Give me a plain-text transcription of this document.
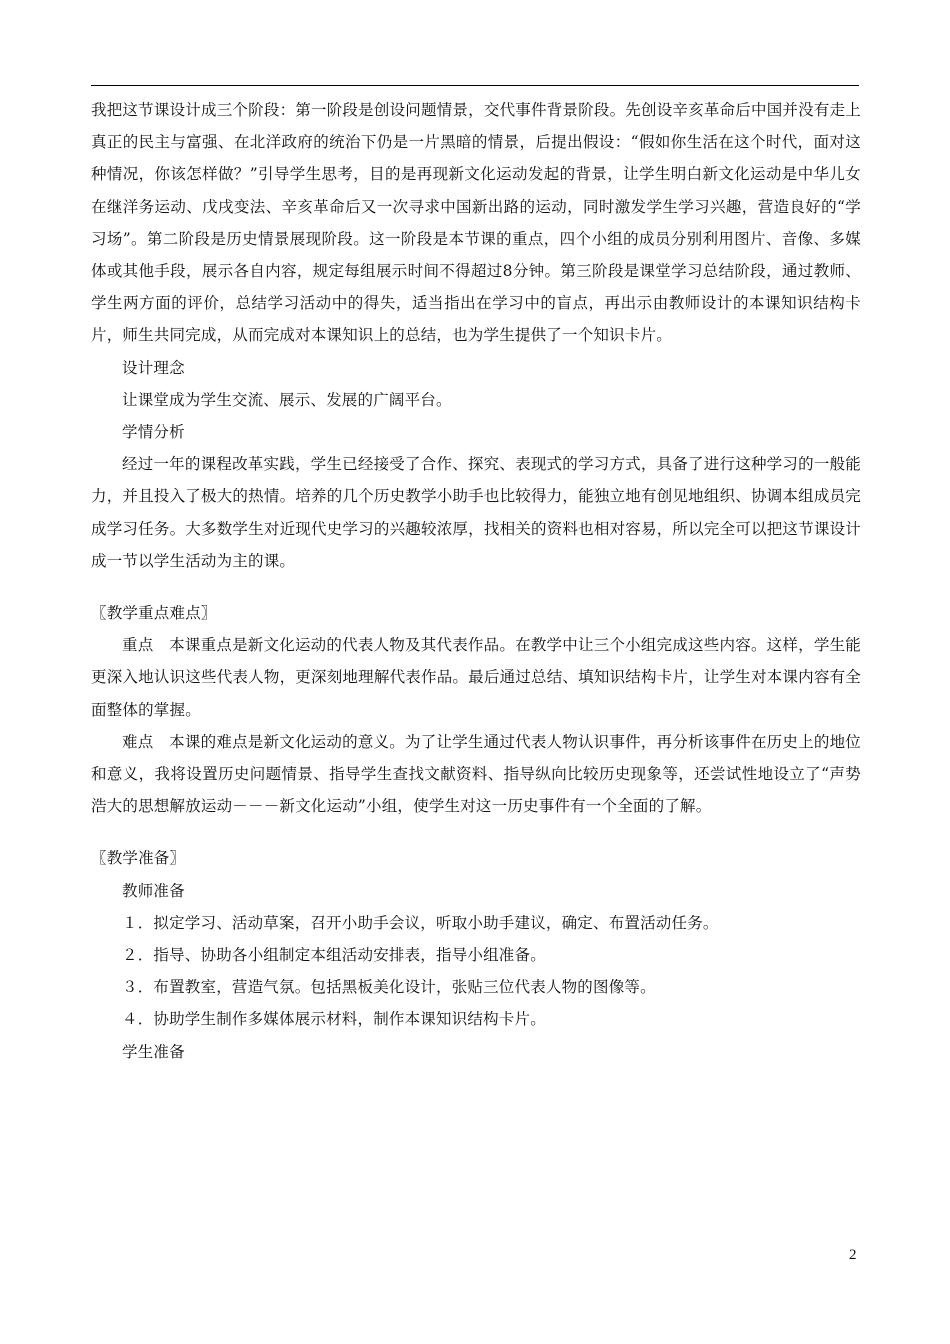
我把这节课设计成三个阶段：第一阶段是创设问题情景，交代事件背景阶段。先创设辛亥革命后中国并没有走上真正的民主与富强、在北洋政府的统治下仍是一片黑暗的情景，后提出假设：“假如你生活在这个时代，面对这种情况，你该怎样做？”引导学生思考，目的是再现新文化运动发起的背景，让学生明白新文化运动是中华儿女在继洋务运动、戊戌变法、辛亥革命后又一次寻求中国新出路的运动，同时激发学生学习兴趣，营造良好的“学习场”。第二阶段是历史情景展现阶段。这一阶段是本节课的重点，四个小组的成员分别利用图片、音像、多媒体或其他手段，展示各自内容，规定每组展示时间不得超过8分钟。第三阶段是课堂学习总结阶段，通过教师、学生两方面的评价，总结学习活动中的得失，适当指出在学习中的盲点，再出示由教师设计的本课知识结构卡片，师生共同完成，从而完成对本课知识上的总结，也为学生提供了一个知识卡片。

设计理念

让课堂成为学生交流、展示、发展的广阔平台。

学情分析

经过一年的课程改革实践，学生已经接受了合作、探究、表现式的学习方式，具备了进行这种学习的一般能力，并且投入了极大的热情。培养的几个历史教学小助手也比较得力，能独立地有创见地组织、协调本组成员完成学习任务。大多数学生对近现代史学习的兴趣较浓厚，找相关的资料也相对容易，所以完全可以把这节课设计成一节以学生活动为主的课。

〖教学重点难点〗

重点　本课重点是新文化运动的代表人物及其代表作品。在教学中让三个小组完成这些内容。这样，学生能更深入地认识这些代表人物，更深刻地理解代表作品。最后通过总结、填知识结构卡片，让学生对本课内容有全面整体的掌握。

难点　本课的难点是新文化运动的意义。为了让学生通过代表人物认识事件，再分析该事件在历史上的地位和意义，我将设置历史问题情景、指导学生查找文献资料、指导纵向比较历史现象等，还尝试性地设立了“声势浩大的思想解放运动－－－新文化运动”小组，使学生对这一历史事件有一个全面的了解。

〖教学准备〗

教师准备

１．拟定学习、活动草案，召开小助手会议，听取小助手建议，确定、布置活动任务。

２．指导、协助各小组制定本组活动安排表，指导小组准备。

３．布置教室，营造气氛。包括黑板美化设计，张贴三位代表人物的图像等。

４．协助学生制作多媒体展示材料，制作本课知识结构卡片。

学生准备

2
